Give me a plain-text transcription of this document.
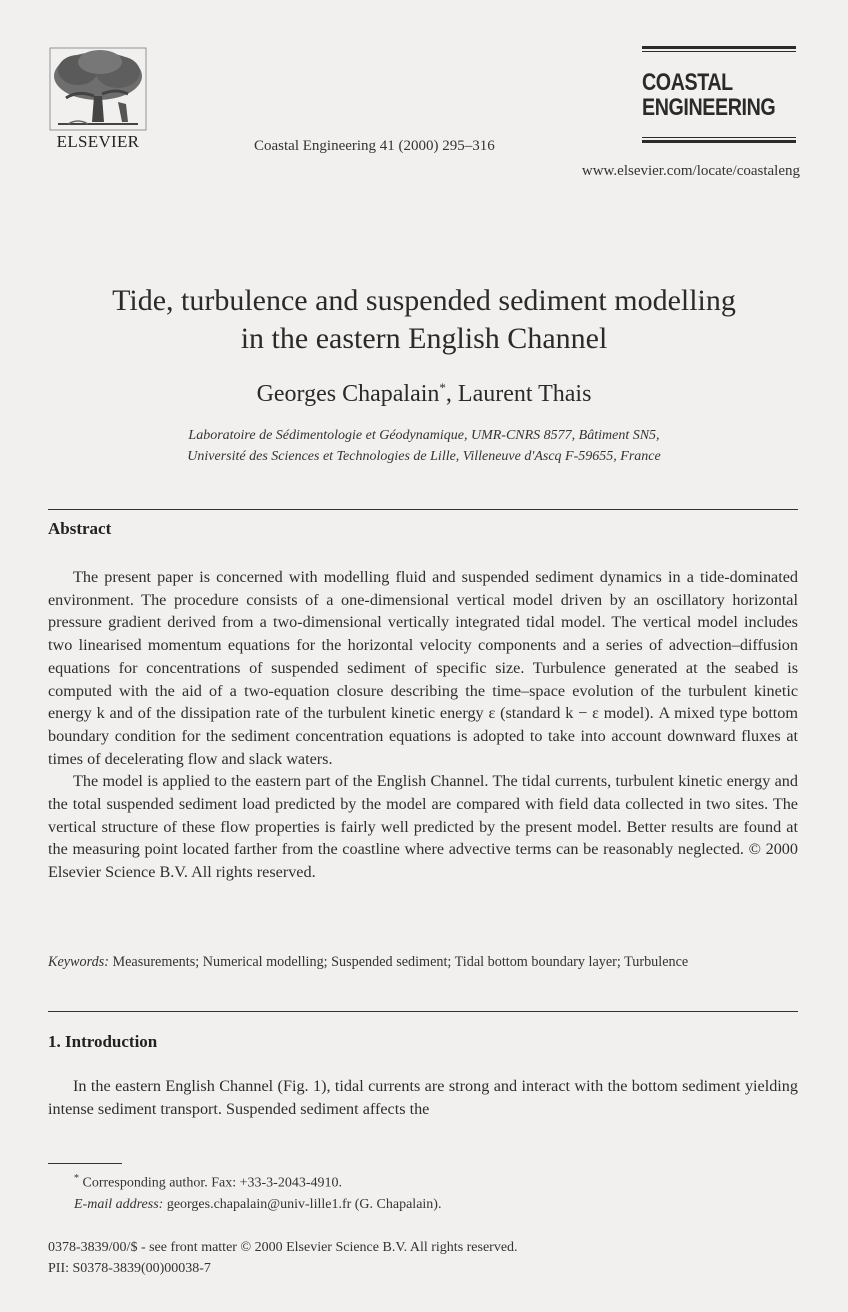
ELSEVIER	Coastal Engineering 41 (2000) 295–316
COASTAL
ENGINEERING
www.elsevier.com/locate/coastaleng
Tide, turbulence and suspended sediment modelling
in the eastern English Channel
Georges Chapalain*, Laurent Thais
Laboratoire de Sédimentologie et Géodynamique, UMR-CNRS 8577, Bâtiment SN5,
Université des Sciences et Technologies de Lille, Villeneuve d'Ascq F-59655, France
Abstract

The present paper is concerned with modelling fluid and suspended sediment dynamics in a tide-dominated environment. The procedure consists of a one-dimensional vertical model driven by an oscillatory horizontal pressure gradient derived from a two-dimensional vertically integrated tidal model. The vertical model includes two linearised momentum equations for the horizontal velocity components and a series of advection–diffusion equations for concentrations of suspended sediment of specific size. Turbulence generated at the seabed is computed with the aid of a two-equation closure describing the time–space evolution of the turbulent kinetic energy k and of the dissipation rate of the turbulent kinetic energy ε (standard k − ε model). A mixed type bottom boundary condition for the sediment concentration equations is adopted to take into account downward fluxes at times of decelerating flow and slack waters.

The model is applied to the eastern part of the English Channel. The tidal currents, turbulent kinetic energy and the total suspended sediment load predicted by the model are compared with field data collected in two sites. The vertical structure of these flow properties is fairly well predicted by the present model. Better results are found at the measuring point located farther from the coastline where advective terms can be reasonably neglected. © 2000 Elsevier Science B.V. All rights reserved.

Keywords: Measurements; Numerical modelling; Suspended sediment; Tidal bottom boundary layer; Turbulence
1. Introduction

In the eastern English Channel (Fig. 1), tidal currents are strong and interact with the bottom sediment yielding intense sediment transport. Suspended sediment affects the

* Corresponding author. Fax: +33-3-2043-4910.
E-mail address: georges.chapalain@univ-lille1.fr (G. Chapalain).
0378-3839/00/$ - see front matter © 2000 Elsevier Science B.V. All rights reserved.
PII: S0378-3839(00)00038-7
